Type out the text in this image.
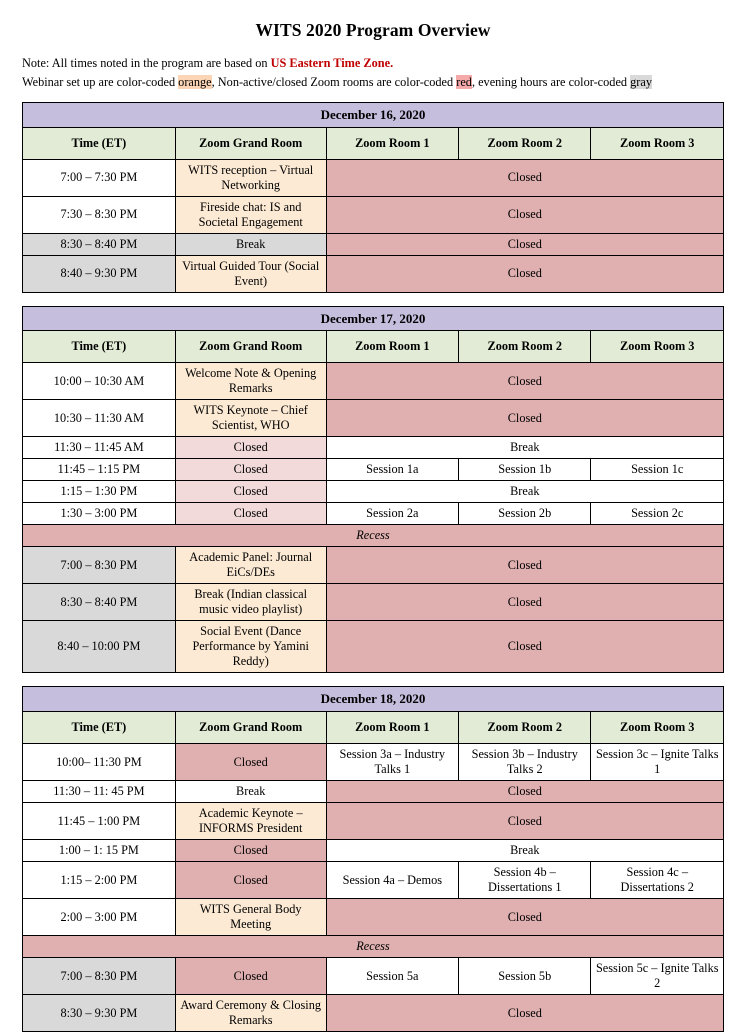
WITS 2020 Program Overview
Note: All times noted in the program are based on US Eastern Time Zone.
Webinar set up are color-coded orange, Non-active/closed Zoom rooms are color-coded red, evening hours are color-coded gray
December 16, 2020				
Time (ET)	Zoom Grand Room	Zoom Room 1	Zoom Room 2	Zoom Room 3
7:00 – 7:30 PM	WITS reception – Virtual Networking	Closed		
7:30 – 8:30 PM	Fireside chat: IS and Societal Engagement	Closed		
8:30 – 8:40 PM	Break	Closed		
8:40 – 9:30 PM	Virtual Guided Tour (Social Event)	Closed		
December 17, 2020				
Time (ET)	Zoom Grand Room	Zoom Room 1	Zoom Room 2	Zoom Room 3
10:00 – 10:30 AM	Welcome Note & Opening Remarks	Closed		
10:30 – 11:30 AM	WITS Keynote – Chief Scientist, WHO	Closed		
11:30 – 11:45 AM	Closed	Break		
11:45 – 1:15 PM	Closed	Session 1a	Session 1b	Session 1c
1:15 – 1:30 PM	Closed	Break		
1:30 – 3:00 PM	Closed	Session 2a	Session 2b	Session 2c
Recess				
7:00 – 8:30 PM	Academic Panel: Journal EiCs/DEs	Closed		
8:30 – 8:40 PM	Break (Indian classical music video playlist)	Closed		
8:40 – 10:00 PM	Social Event (Dance Performance by Yamini Reddy)	Closed		
December 18, 2020				
Time (ET)	Zoom Grand Room	Zoom Room 1	Zoom Room 2	Zoom Room 3
10:00– 11:30 PM	Closed	Session 3a – Industry Talks 1	Session 3b – Industry Talks 2	Session 3c – Ignite Talks 1
11:30 – 11: 45 PM	Break	Closed		
11:45 – 1:00 PM	Academic Keynote – INFORMS President	Closed		
1:00 – 1: 15 PM	Closed	Break		
1:15 – 2:00 PM	Closed	Session 4a – Demos	Session 4b – Dissertations 1	Session 4c – Dissertations 2
2:00 – 3:00 PM	WITS General Body Meeting	Closed		
Recess				
7:00 – 8:30 PM	Closed	Session 5a	Session 5b	Session 5c – Ignite Talks 2
8:30 – 9:30 PM	Award Ceremony & Closing Remarks	Closed		
